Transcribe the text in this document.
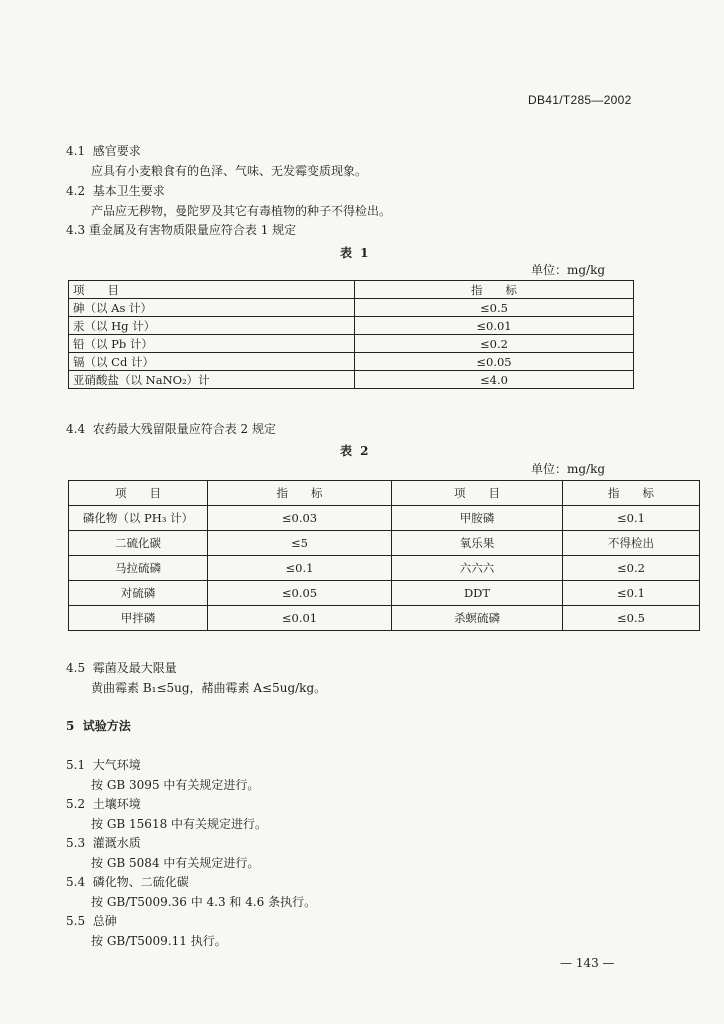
DB41/T285—2002
4.1 感官要求
应具有小麦粮食有的色泽、气味、无发霉变质现象。
4.2 基本卫生要求
产品应无秽物，曼陀罗及其它有毒植物的种子不得检出。
4.3 重金属及有害物质限量应符合表 1 规定
表 1
单位：mg/kg
项　　目	指　　标
砷（以 As 计）	≤0.5
汞（以 Hg 计）	≤0.01
铅（以 Pb 计）	≤0.2
镉（以 Cd 计）	≤0.05
亚硝酸盐（以 NaNO₂）计	≤4.0
4.4 农药最大残留限量应符合表 2 规定
表 2
单位：mg/kg
项　　目	指　　标	项　　目	指　　标
磷化物（以 PH₃ 计）	≤0.03	甲胺磷	≤0.1
二硫化碳	≤5	氧乐果	不得检出
马拉硫磷	≤0.1	六六六	≤0.2
对硫磷	≤0.05	DDT	≤0.1
甲拌磷	≤0.01	杀螟硫磷	≤0.5
4.5 霉菌及最大限量
黄曲霉素 B₁≤5ug，赭曲霉素 A≤5ug/kg。
5 试验方法
5.1 大气环境
按 GB 3095 中有关规定进行。
5.2 土壤环境
按 GB 15618 中有关规定进行。
5.3 灌溉水质
按 GB 5084 中有关规定进行。
5.4 磷化物、二硫化碳
按 GB/T5009.36 中 4.3 和 4.6 条执行。
5.5 总砷
按 GB/T5009.11 执行。
— 143 —
